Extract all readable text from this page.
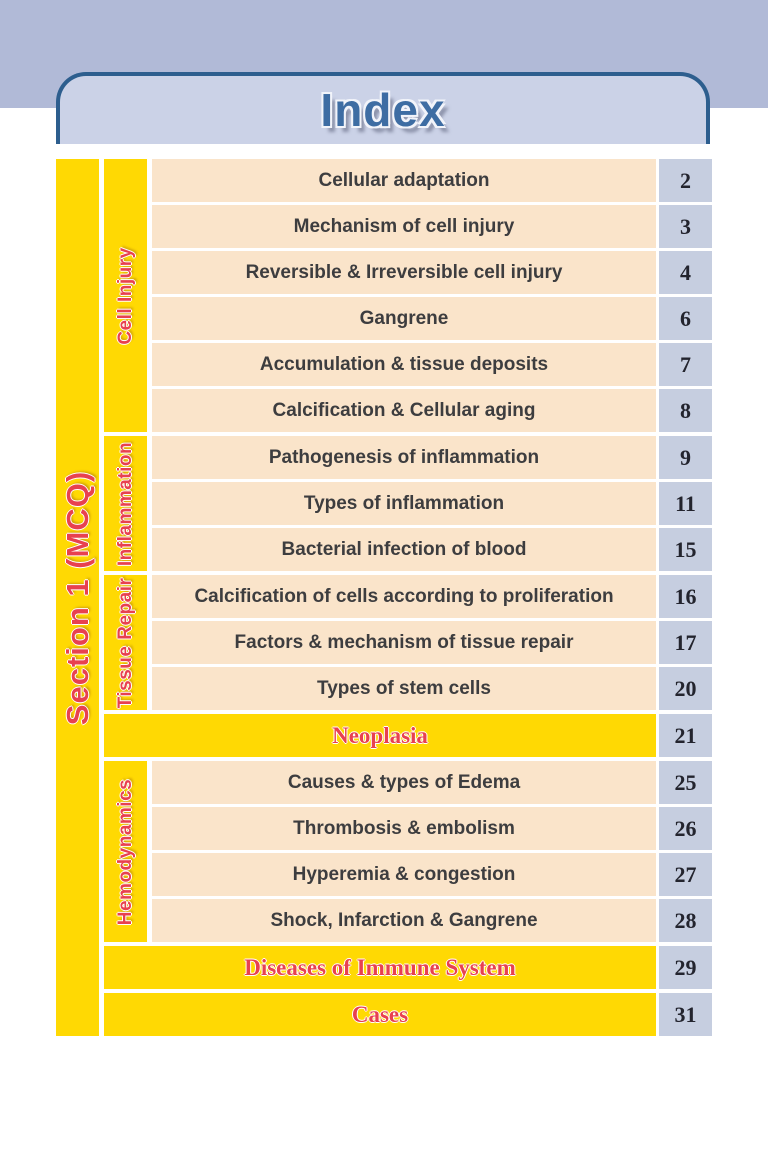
Index
Section 1 (MCQ)
Cell Injury
Cellular adaptation	2
Mechanism of cell injury	3
Reversible & Irreversible cell injury	4
Gangrene	6
Accumulation & tissue deposits	7
Calcification & Cellular aging	8
Inflammation	Pathogenesis of inflammation	9
Types of inflammation	11
Bacterial infection of blood	15
Tissue Repair	Calcification of cells according to proliferation	16
Factors & mechanism of tissue repair	17
Types of stem cells	20
Neoplasia	21
Hemodynamics	Causes & types of Edema	25
Thrombosis & embolism	26
Hyperemia & congestion	27
Shock, Infarction & Gangrene	28
Diseases of Immune System	29
Cases	31
